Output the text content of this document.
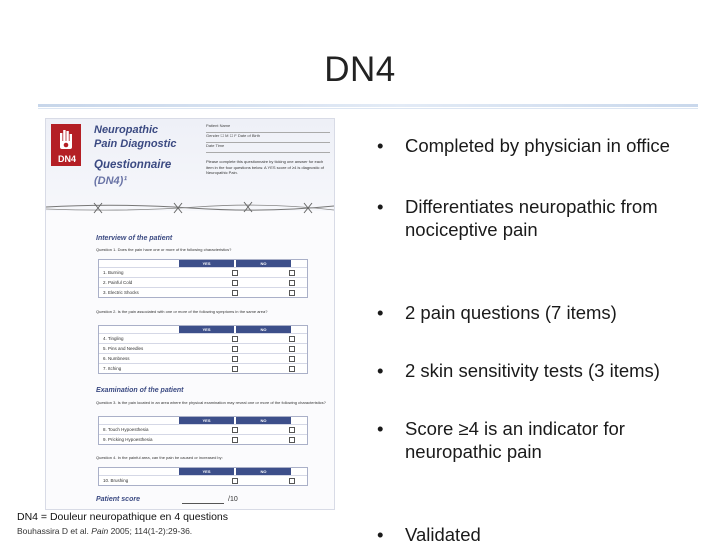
DN4
DN4
Neuropathic
Pain Diagnostic
Questionnaire
(DN4)¹
Patient Name
Gender ☐ M ☐ F Date of Birth
Date Time
Please complete this questionnaire by ticking one answer for each item in the four questions below. A YES score of ≥4 is diagnostic of Neuropathic Pain.
Interview of the patient
Question 1. Does the pain have one or more of the following characteristics?
YES	NO
1. Burning
2. Painful Cold
3. Electric Shocks
Question 2. Is the pain associated with one or more of the following symptoms in the same area?
YES	NO
4. Tingling
5. Pins and Needles
6. Numbness
7. Itching
Examination of the patient
Question 3. Is the pain located in an area where the physical examination may reveal one or more of the following characteristics?
YES	NO
8. Touch Hypoesthesia
9. Pricking Hypoesthesia
Question 4. In the painful area, can the pain be caused or increased by:
YES	NO
10. Brushing
Patient score	/10
• Completed by physician in office
• Differentiates neuropathic from nociceptive pain
• 2 pain questions (7 items)
• 2 skin sensitivity tests (3 items)
• Score ≥4 is an indicator for neuropathic pain
• Validated
DN4 = Douleur neuropathique en 4 questions
Bouhassira D et al. Pain 2005; 114(1-2):29-36.
